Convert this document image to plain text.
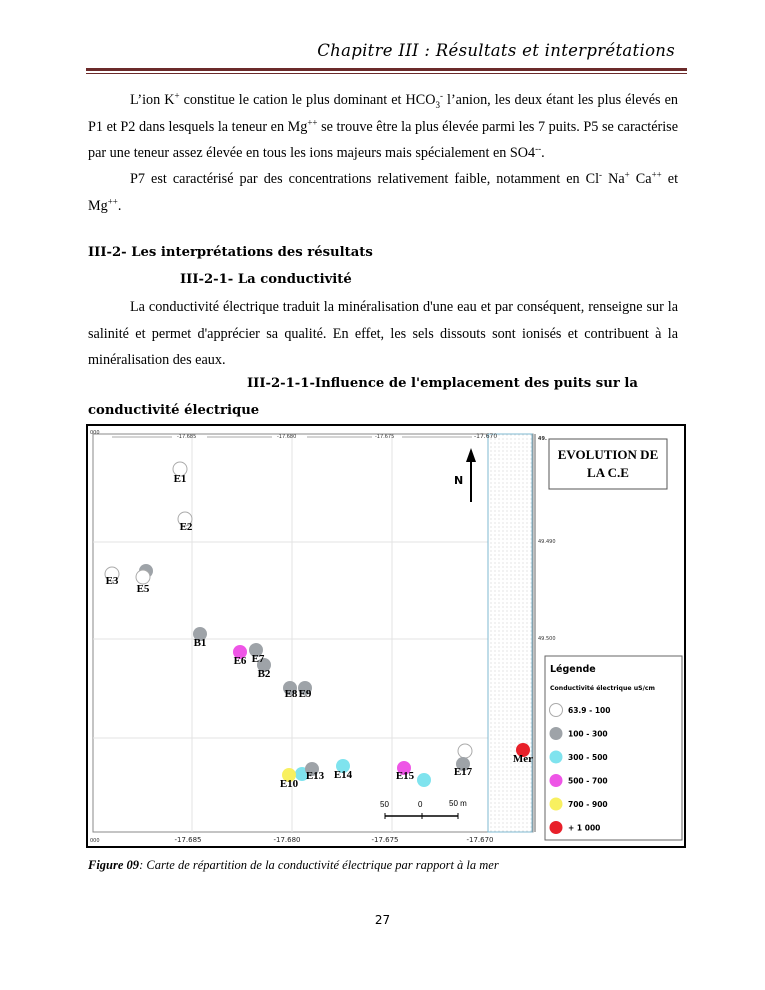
Chapitre III : Résultats et interprétations
L’ion K+ constitue le cation le plus dominant et $HCO_3^-$ l’anion, les deux étant les plus élevés en P1 et P2 dans lesquels la teneur en Mg++ se trouve être la plus élevée parmi les 7 puits. P5 se caractérise par une teneur assez élevée en tous les ions majeurs mais spécialement en SO4--.
P7 est caractérisé par des concentrations relativement faible, notamment en Cl- Na+ Ca++ et Mg++.
III-2- Les interprétations des résultats
III-2-1- La conductivité
La conductivité électrique traduit la minéralisation d'une eau et par conséquent, renseigne sur la salinité et permet d'apprécier sa qualité. En effet, les sels dissouts sont ionisés et contribuent à la minéralisation des eaux.
III-2-1-1-Influence de l'emplacement des puits sur la
conductivité électrique
000
-17.685	-17.680	-17.675	-17.670
000
49.
49.490
49.500
-17.685	-17.680	-17.675	-17.670
EVOLUTION DE
LA C.E
N
50	0	50 m
E1
E2
E3
E5
B1
E6 E7
B2
E8 E9
E10
E13 E14	E15	E17
Mer
Légende
Conductivité électrique uS/cm
63.9 - 100
100 - 300
300 - 500
500 - 700
700 - 900
+ 1 000
Figure 09: Carte de répartition de la conductivité électrique par rapport à la mer
27
